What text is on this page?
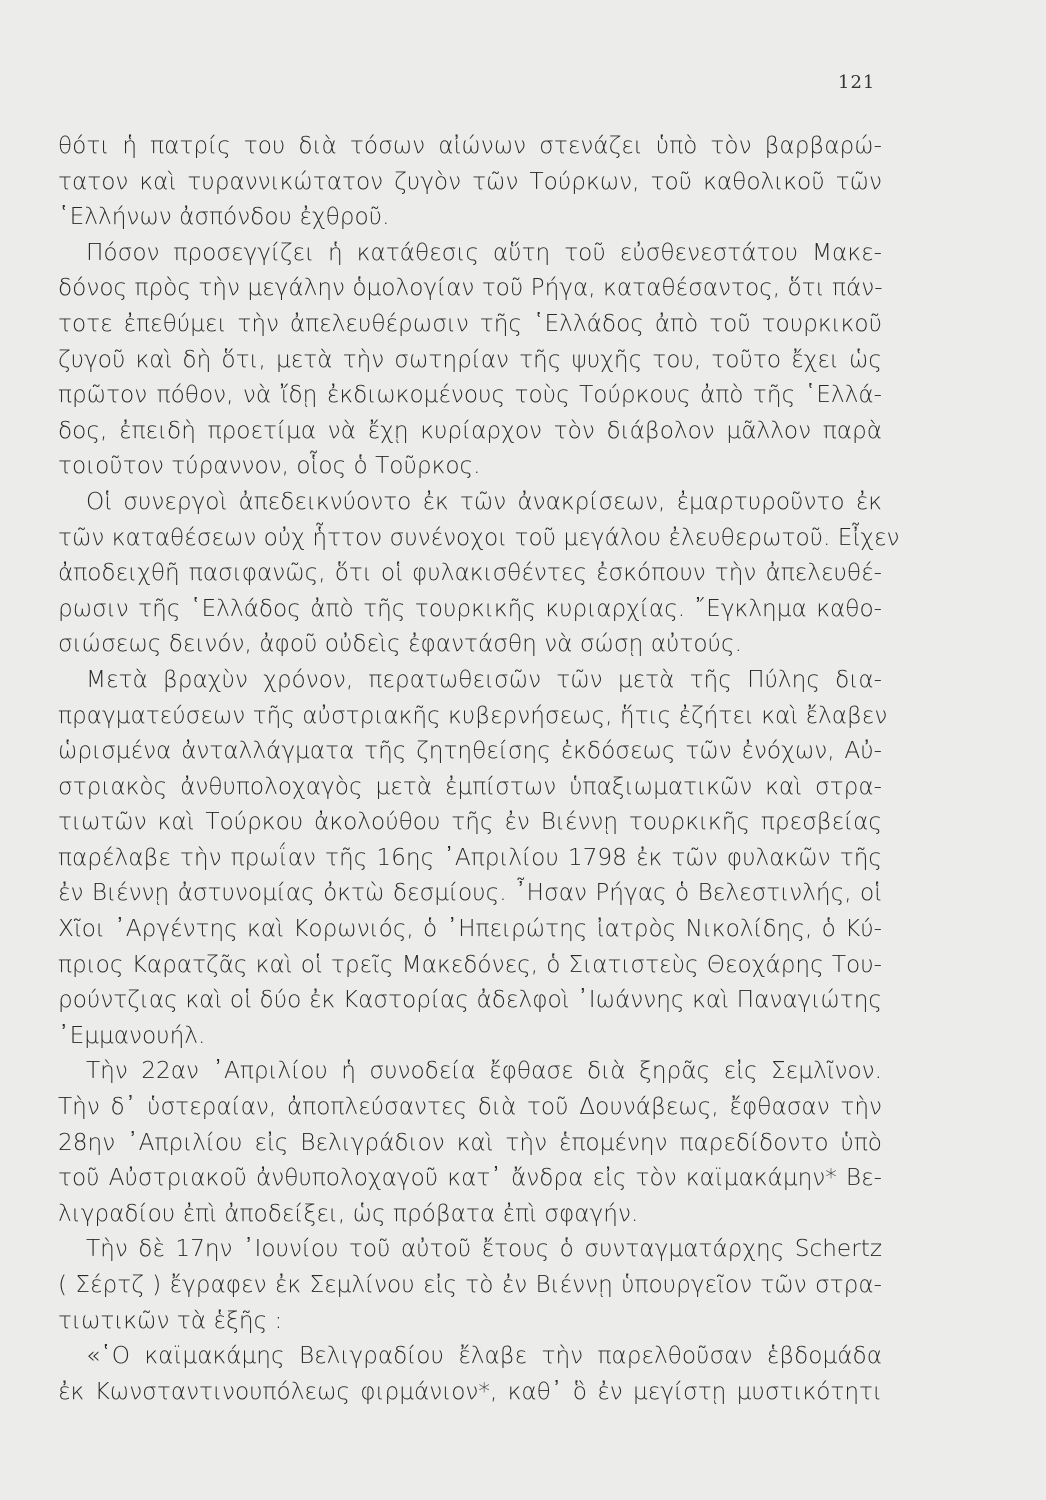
121
θότι ἡ πατρίς του διὰ τόσων αἰώνων στενάζει ὑπὸ τὸν βαρβαρώ-
τατον καὶ τυραννικώτατον ζυγὸν τῶν Τούρκων, τοῦ καθολικοῦ τῶν
῾Ελλήνων ἀσπόνδου ἐχθροῦ.
Πόσον προσεγγίζει ἡ κατάθεσις αὕτη τοῦ εὐσθενεστάτου Μακε-
δόνος πρὸς τὴν μεγάλην ὁμολογίαν τοῦ Ρήγα, καταθέσαντος, ὅτι πάν-
τοτε ἐπεθύμει τὴν ἀπελευθέρωσιν τῆς ῾Ελλάδος ἀπὸ τοῦ τουρκικοῦ
ζυγοῦ καὶ δὴ ὅτι, μετὰ τὴν σωτηρίαν τῆς ψυχῆς του, τοῦτο ἔχει ὡς
πρῶτον πόθον, νὰ ἴδῃ ἐκδιωκομένους τοὺς Τούρκους ἀπὸ τῆς ῾Ελλά-
δος, ἐπειδὴ προετίμα νὰ ἔχῃ κυρίαρχον τὸν διάβολον μᾶλλον παρὰ
τοιοῦτον τύραννον, οἷος ὁ Τοῦρκος.
Οἱ συνεργοὶ ἀπεδεικνύοντο ἐκ τῶν ἀνακρίσεων, ἐμαρτυροῦντο ἐκ
τῶν καταθέσεων οὐχ ἧττον συνένοχοι τοῦ μεγάλου ἐλευθερωτοῦ. Εἶχεν
ἀποδειχθῆ πασιφανῶς, ὅτι οἱ φυλακισθέντες ἐσκόπουν τὴν ἀπελευθέ-
ρωσιν τῆς ῾Ελλάδος ἀπὸ τῆς τουρκικῆς κυριαρχίας. ῎Εγκλημα καθο-
σιώσεως δεινόν, ἀφοῦ οὐδεὶς ἐφαντάσθη νὰ σώσῃ αὐτούς.
Μετὰ βραχὺν χρόνον, περατωθεισῶν τῶν μετὰ τῆς Πύλης δια-
πραγματεύσεων τῆς αὐστριακῆς κυβερνήσεως, ἥτις ἐζήτει καὶ ἔλαβεν
ὡρισμένα ἀνταλλάγματα τῆς ζητηθείσης ἐκδόσεως τῶν ἐνόχων, Αὐ-
στριακὸς ἀνθυπολοχαγὸς μετὰ ἐμπίστων ὑπαξιωματικῶν καὶ στρα-
τιωτῶν καὶ Τούρκου ἀκολούθου τῆς ἐν Βιέννῃ τουρκικῆς πρεσβείας
παρέλαβε τὴν πρωΐαν τῆς 16ης ᾿Απριλίου 1798 ἐκ τῶν φυλακῶν τῆς
ἐν Βιέννῃ ἀστυνομίας ὀκτὼ δεσμίους. ῏Ησαν Ρήγας ὁ Βελεστινλής, οἱ
Χῖοι ᾿Αργέντης καὶ Κορωνιός, ὁ ᾿Ηπειρώτης ἰατρὸς Νικολίδης, ὁ Κύ-
πριος Καρατζᾶς καὶ οἱ τρεῖς Μακεδόνες, ὁ Σιατιστεὺς Θεοχάρης Του-
ρούντζιας καὶ οἱ δύο ἐκ Καστορίας ἀδελφοὶ ᾿Ιωάννης καὶ Παναγιώτης
᾿Εμμανουήλ.
Τὴν 22αν ᾿Απριλίου ἡ συνοδεία ἔφθασε διὰ ξηρᾶς εἰς Σεμλῖνον.
Τὴν δ᾿ ὑστεραίαν, ἀποπλεύσαντες διὰ τοῦ Δουνάβεως, ἔφθασαν τὴν
28ην ᾿Απριλίου εἰς Βελιγράδιον καὶ τὴν ἑπομένην παρεδίδοντο ὑπὸ
τοῦ Αὐστριακοῦ ἀνθυπολοχαγοῦ κατ᾿ ἄνδρα εἰς τὸν καϊμακάμην* Βε-
λιγραδίου ἐπὶ ἀποδείξει, ὡς πρόβατα ἐπὶ σφαγήν.
Τὴν δὲ 17ην ᾿Ιουνίου τοῦ αὐτοῦ ἔτους ὁ συνταγματάρχης Schertz
( Σέρτζ ) ἔγραφεν ἐκ Σεμλίνου εἰς τὸ ἐν Βιέννῃ ὑπουργεῖον τῶν στρα-
τιωτικῶν τὰ ἑξῆς :
«῾Ο καϊμακάμης Βελιγραδίου ἔλαβε τὴν παρελθοῦσαν ἑβδομάδα
ἐκ Κωνσταντινουπόλεως φιρμάνιον*, καθ᾿ ὃ ἐν μεγίστῃ μυστικότητι
